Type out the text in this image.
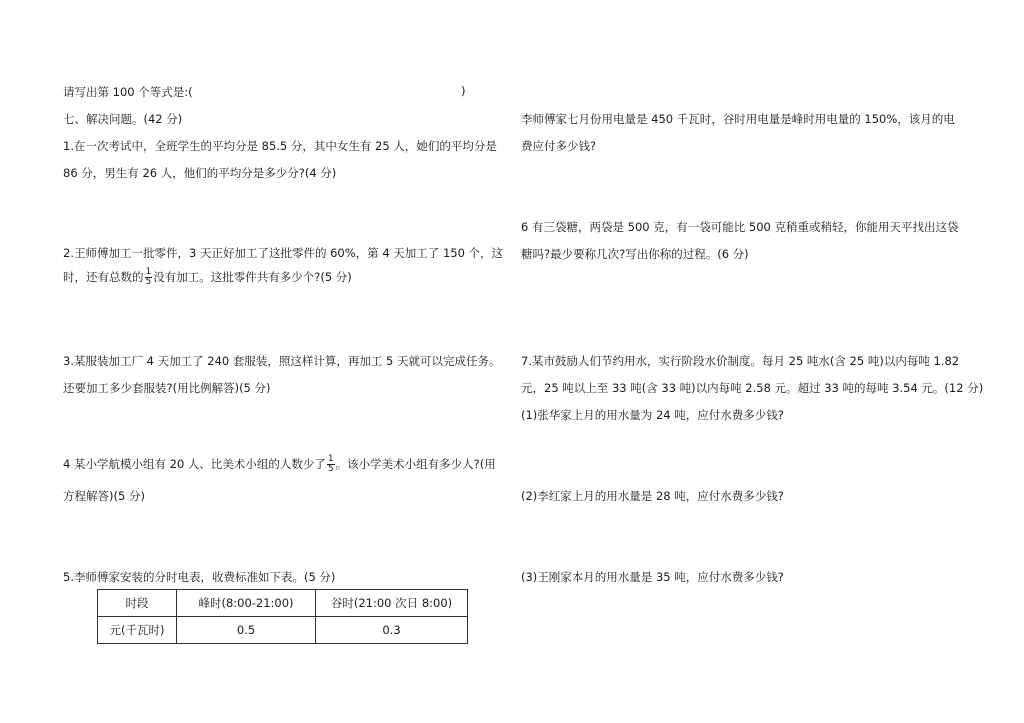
请写出第 100 个等式是:(	)
七、解决问题。(42 分)
1.在一次考试中，全班学生的平均分是 85.5 分，其中女生有 25 人，她们的平均分是
86 分，男生有 26 人，他们的平均分是多少分?(4 分)
2.王师傅加工一批零件，3 天正好加工了这批零件的 60%，第 4 天加工了 150 个，这
时，还有总数的 $\frac{1}{5}$ 没有加工。这批零件共有多少个?(5 分)
3.某服装加工厂 4 天加工了 240 套服装，照这样计算，再加工 5 天就可以完成任务。
还要加工多少套服装?(用比例解答)(5 分)
4 某小学航模小组有 20 人、比美术小组的人数少了 $\frac{1}{5}$ 。该小学美术小组有多少人?(用
方程解答)(5 分)
5.李师傅家安装的分时电表，收费标准如下表。(5 分)
时段	峰时(8:00-21:00)	谷时(21:00 次日 8:00)
元(千瓦时)	0.5	0.3
李师傅家七月份用电量是 450 千瓦时，谷时用电量是峰时用电量的 150%，该月的电
费应付多少钱?
6 有三袋糖，两袋是 500 克，有一袋可能比 500 克稍重或稍轻，你能用天平找出这袋
糖吗?最少要称几次?写出你称的过程。(6 分)
7.某市鼓励人们节约用水，实行阶段水价制度。每月 25 吨水(含 25 吨)以内每吨 1.82
元，25 吨以上至 33 吨(含 33 吨)以内每吨 2.58 元。超过 33 吨的每吨 3.54 元。(12 分)
(1)张华家上月的用水量为 24 吨，应付水费多少钱?
(2)李红家上月的用水量是 28 吨，应付水费多少钱?
(3)王刚家本月的用水量是 35 吨，应付水费多少钱?
